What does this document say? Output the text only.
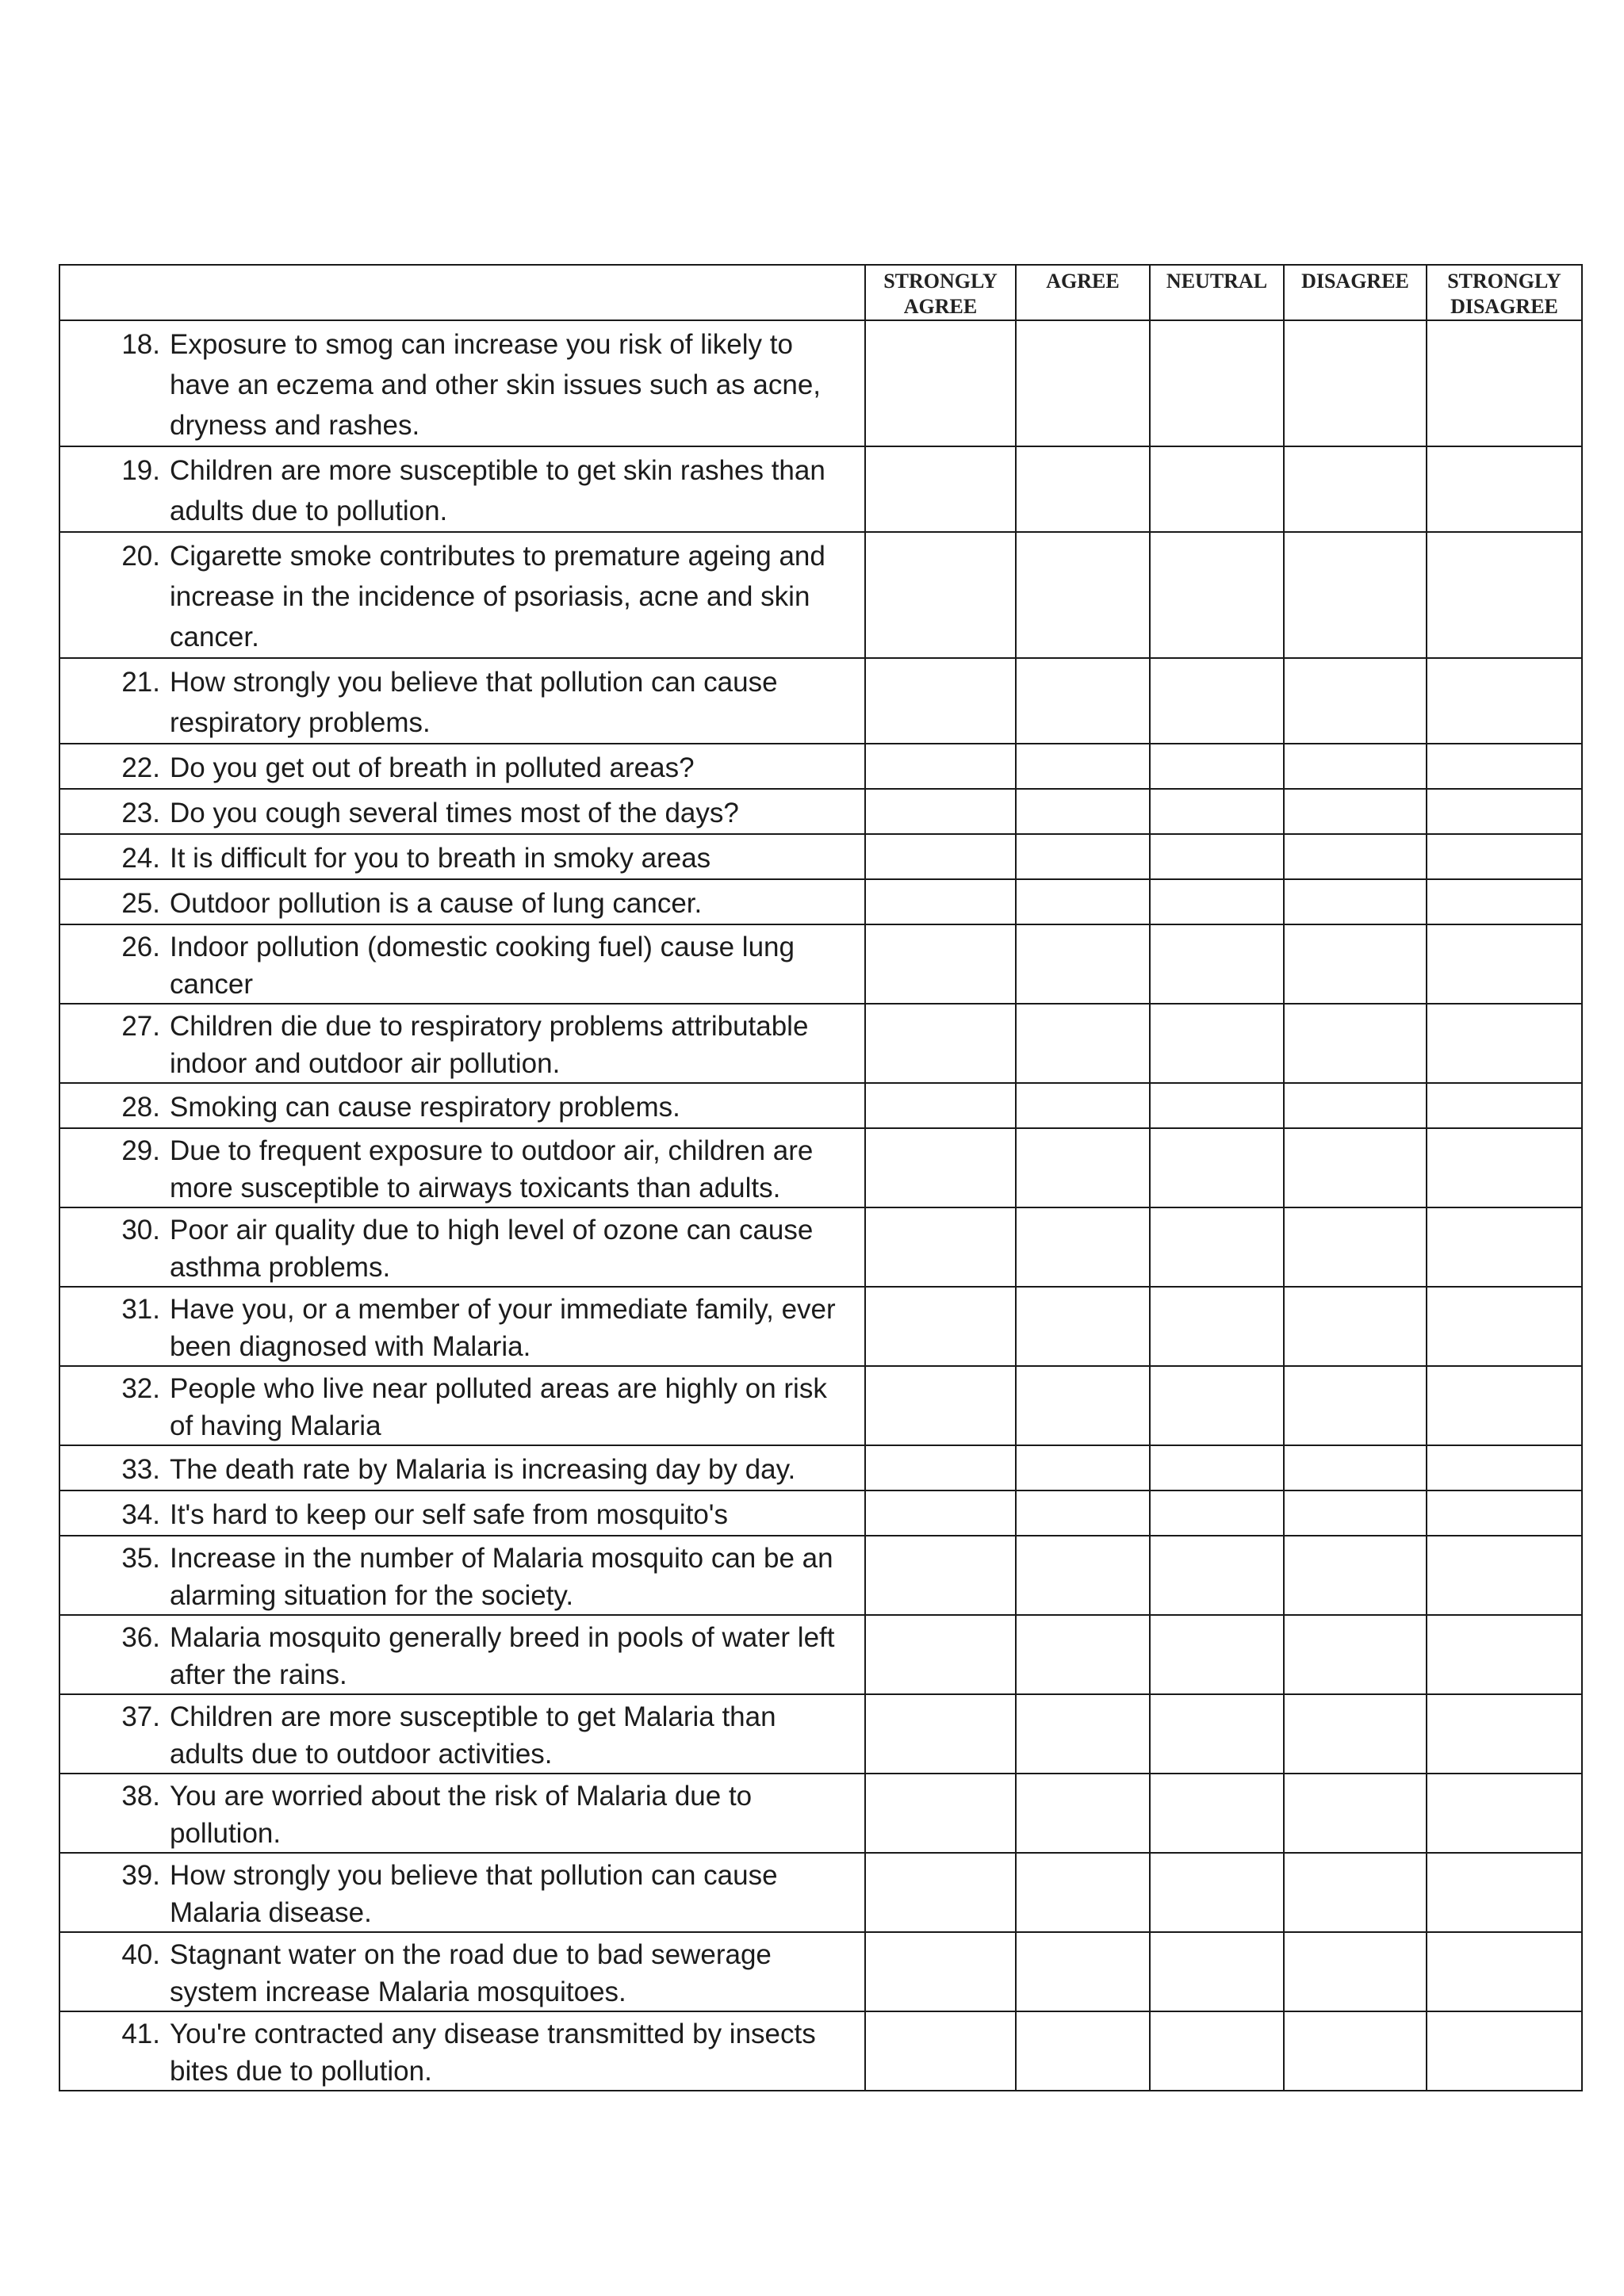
	STRONGLY AGREE	AGREE	NEUTRAL	DISAGREE	STRONGLY DISAGREE

18. Exposure to smog can increase you risk of likely to have an eczema and other skin issues such as acne, dryness and rashes.					

19. Children are more susceptible to get skin rashes than adults due to pollution.					

20. Cigarette smoke contributes to premature ageing and increase in the incidence of psoriasis, acne and skin cancer.					

21. How strongly you believe that pollution can cause respiratory problems.					

22. Do you get out of breath in polluted areas?					

23. Do you cough several times most of the days?					

24. It is difficult for you to breath in smoky areas					

25. Outdoor pollution is a cause of lung cancer.					

26. Indoor pollution (domestic cooking fuel) cause lung cancer					

27. Children die due to respiratory problems attributable indoor and outdoor air pollution.					

28. Smoking can cause respiratory problems.					

29. Due to frequent exposure to outdoor air, children are more susceptible to airways toxicants than adults.					

30. Poor air quality due to high level of ozone can cause asthma problems.					

31. Have you, or a member of your immediate family, ever been diagnosed with Malaria.					

32. People who live near polluted areas are highly on risk of having Malaria					

33. The death rate by Malaria is increasing day by day.					

34. It's hard to keep our self safe from mosquito's					

35. Increase in the number of Malaria mosquito can be an alarming situation for the society.					

36. Malaria mosquito generally breed in pools of water left after the rains.					

37. Children are more susceptible to get Malaria than adults due to outdoor activities.					

38. You are worried about the risk of Malaria due to pollution.					

39. How strongly you believe that pollution can cause Malaria disease.					

40. Stagnant water on the road due to bad sewerage system increase Malaria mosquitoes.					

41. You're contracted any disease transmitted by insects bites due to pollution.					
